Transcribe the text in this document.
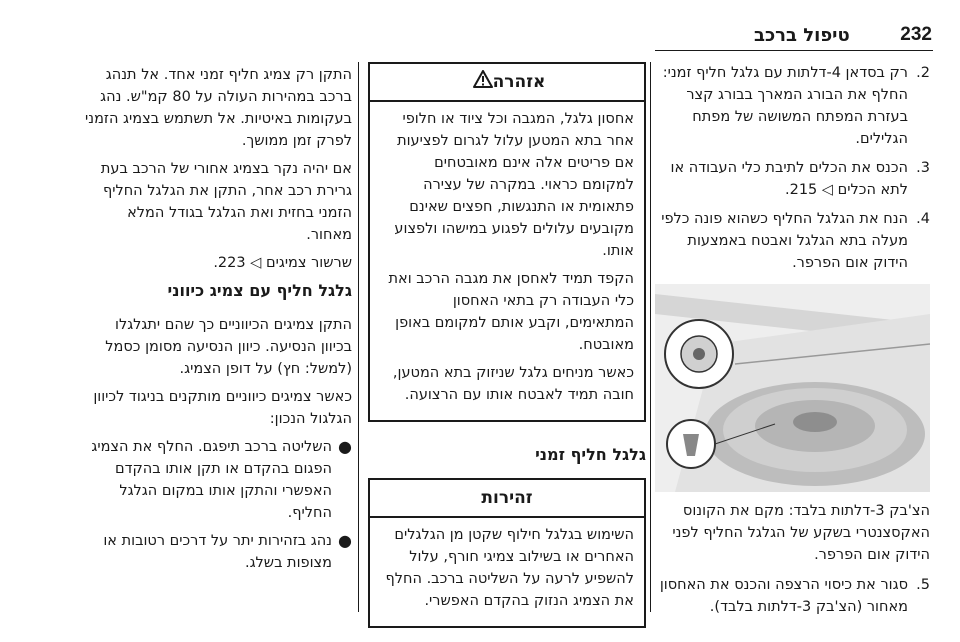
232
טיפול ברכב
2.
רק בסדאן 4-דלתות עם גלגל חליף זמני: החלף את הבורג המארך בבורג קצר בעזרת המפתח המשושה של מפתח הגלילים.
3.
הכנס את הכלים לתיבת כלי העבודה או לתא הכלים ◁ 215.
4.
הנח את הגלגל החליף כשהוא פונה כלפי מעלה בתא הגלגל ואבטח באמצעות הידוק אום הפרפר.

הצ'בק 3-דלתות בלבד: מקם את הקונוס האקסצנטרי בשקע של הגלגל החליף לפני הידוק אום הפרפר.

5.
סגור את כיסוי הרצפה והכנס את האחסון מאחור (הצ'בק 3-דלתות בלבד).
אזהרה

אחסון גלגל, המגבה וכל ציוד או חלופי אחר בתא המטען עלול לגרום לפציעות אם פריטים אלה אינם מאובטחים למקומם כראוי. במקרה של עצירה פתאומית או התנגשות, חפצים שאינם מקובעים עלולים לפגוע במישהו ולפצוע אותו.

הקפד תמיד לאחסן את מגבה הרכב ואת כלי העבודה רק בתאי האחסון המתאימים, וקבע אותם למקומם באופן מאובטח.

כאשר מניחים גלגל שניזוק בתא המטען, חובה תמיד לאבטח אותו עם הרצועה.

גלגל חליף זמני
זהירות

השימוש בגלגל חילוף שקטן מן הגלגלים האחרים או בשילוב צמיגי חורף, עלול להשפיע לרעה על השליטה ברכב. החלף את הצמיג הנזוק בהקדם האפשרי.

התקן רק צמיג חליף זמני אחד. אל תנהג ברכב במהירות העולה על 80 קמ"ש. נהג בעקומות באיטיות. אל תשתמש בצמיג הזמני לפרק זמן ממושך.

אם יהיה נקר בצמיג אחורי של הרכב בעת גרירת רכב אחר, התקן את הגלגל החליף הזמני בחזית ואת הגלגל בגודל המלא מאחור.

שרשור צמיגים ◁ 223.

גלגל חליף עם צמיג כיווני

התקן צמיגים הכיווניים כך שהם יתגלגלו בכיוון הנסיעה. כיוון הנסיעה מסומן כסמל (למשל: חץ) על דופן הצמיג.

כאשר צמיגים כיווניים מותקנים בניגוד לכיוון הגלגול הנכון:

●
השליטה ברכב תיפגם. החלף את הצמיג הפגום בהקדם או תקן אותו בהקדם האפשרי והתקן אותו במקום הגלגל החליף.
●
נהג בזהירות יתר על דרכים רטובות או מצופות בשלג.
